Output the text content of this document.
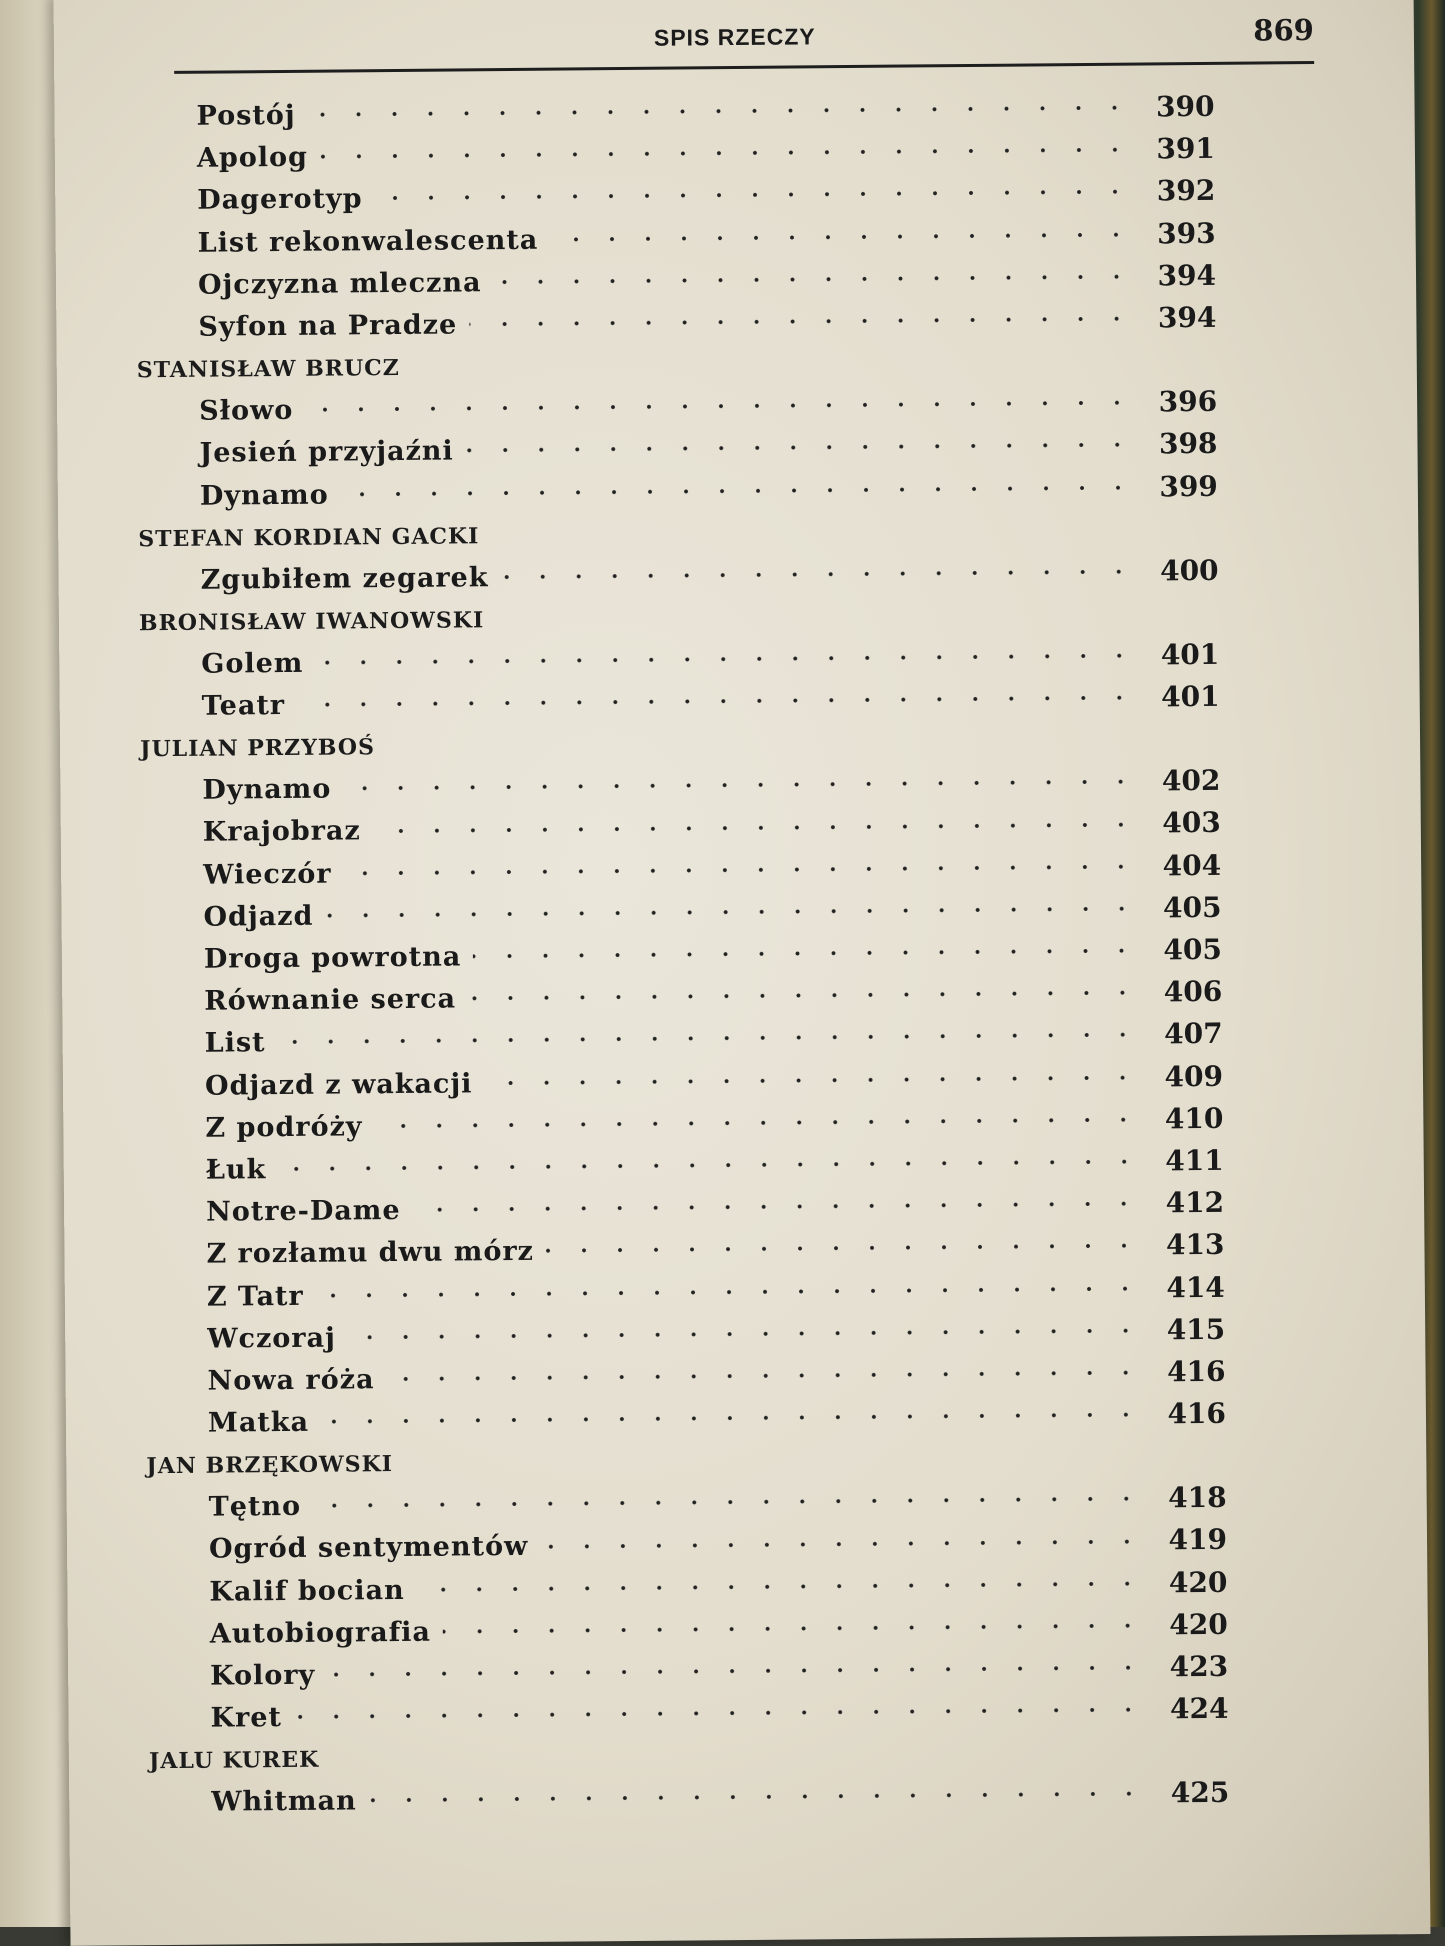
SPIS RZECZY	869
Postój	390
Apolog	391
Dagerotyp	392
List rekonwalescenta	393
Ojczyzna mleczna	394
Syfon na Pradze	394
STANISŁAW BRUCZ
Słowo	396
Jesień przyjaźni	398
Dynamo	399
STEFAN KORDIAN GACKI
Zgubiłem zegarek	400
BRONISŁAW IWANOWSKI
Golem	401
Teatr	401
JULIAN PRZYBOŚ
Dynamo	402
Krajobraz	403
Wieczór	404
Odjazd	405
Droga powrotna	405
Równanie serca	406
List	407
Odjazd z wakacji	409
Z podróży	410
Łuk	411
Notre-Dame	412
Z rozłamu dwu mórz	413
Z Tatr	414
Wczoraj	415
Nowa róża	416
Matka	416
JAN BRZĘKOWSKI
Tętno	418
Ogród sentymentów	419
Kalif bocian	420
Autobiografia	420
Kolory	423
Kret	424
JALU KUREK
Whitman	425
